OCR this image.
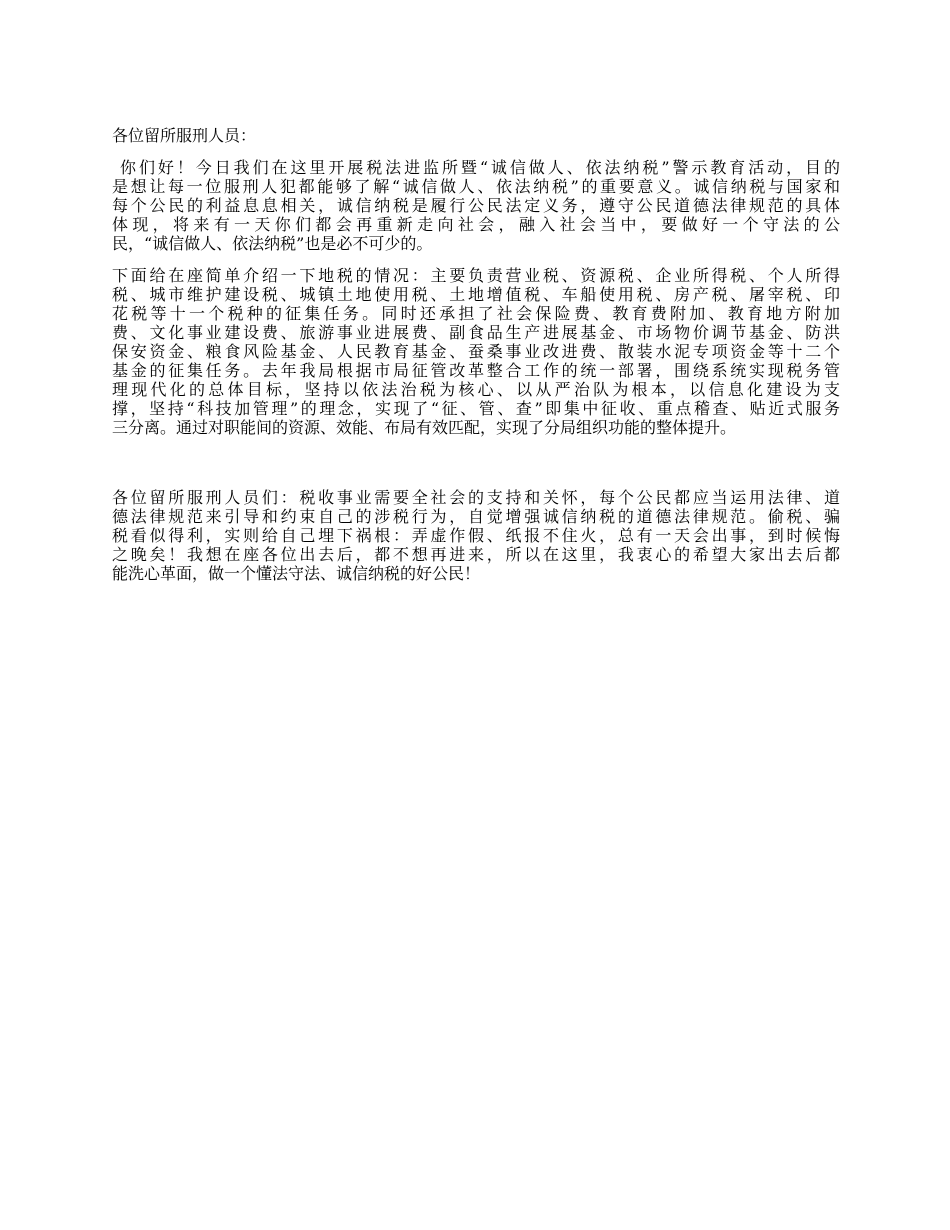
各位留所服刑人员：
你们好！今日我们在这里开展税法进监所暨“诚信做人、依法纳税”警示教育活动，目的
是想让每一位服刑人犯都能够了解“诚信做人、依法纳税”的重要意义。诚信纳税与国家和
每个公民的利益息息相关，诚信纳税是履行公民法定义务，遵守公民道德法律规范的具体
体现，将来有一天你们都会再重新走向社会，融入社会当中，要做好一个守法的公
民，“诚信做人、依法纳税”也是必不可少的。
下面给在座简单介绍一下地税的情况：主要负责营业税、资源税、企业所得税、个人所得
税、城市维护建设税、城镇土地使用税、土地增值税、车船使用税、房产税、屠宰税、印
花税等十一个税种的征集任务。同时还承担了社会保险费、教育费附加、教育地方附加
费、文化事业建设费、旅游事业进展费、副食品生产进展基金、市场物价调节基金、防洪
保安资金、粮食风险基金、人民教育基金、蚕桑事业改进费、散装水泥专项资金等十二个
基金的征集任务。去年我局根据市局征管改革整合工作的统一部署，围绕系统实现税务管
理现代化的总体目标，坚持以依法治税为核心、以从严治队为根本，以信息化建设为支
撑，坚持“科技加管理”的理念，实现了“征、管、查”即集中征收、重点稽查、贴近式服务
三分离。通过对职能间的资源、效能、布局有效匹配，实现了分局组织功能的整体提升。
各位留所服刑人员们：税收事业需要全社会的支持和关怀，每个公民都应当运用法律、道
德法律规范来引导和约束自己的涉税行为，自觉增强诚信纳税的道德法律规范。偷税、骗
税看似得利，实则给自己埋下祸根：弄虚作假、纸报不住火，总有一天会出事，到时候悔
之晚矣！我想在座各位出去后，都不想再进来，所以在这里，我衷心的希望大家出去后都
能洗心革面，做一个懂法守法、诚信纳税的好公民！
